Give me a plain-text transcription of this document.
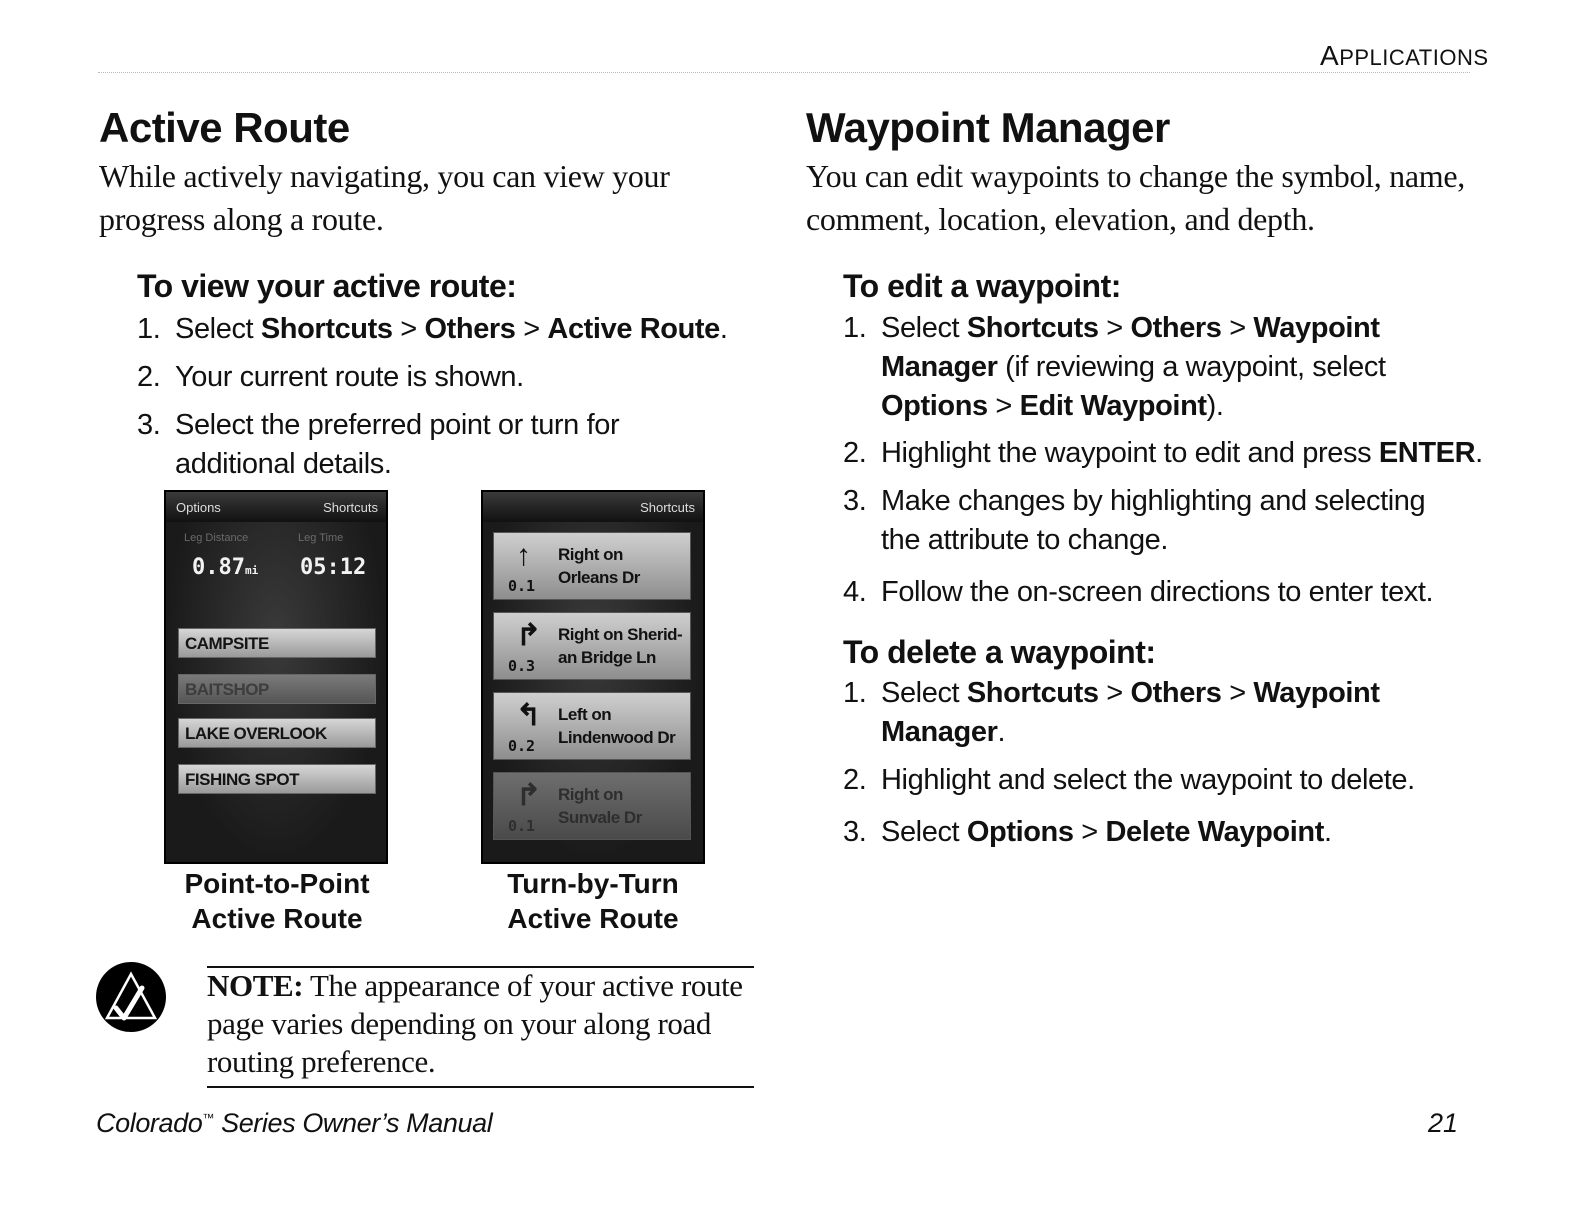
APPLICATIONS
Active Route
While actively navigating, you can view your progress along a route.
To view your active route:
1. Select Shortcuts > Others > Active Route.
2. Your current route is shown.
3. Select the preferred point or turn for additional details.
Options	Shortcuts
Leg Distance	Leg Time
0.87mi 05:12
CAMPSITE
BAITSHOP
LAKE OVERLOOK
FISHING SPOT
Shortcuts
↑ Right on
Orleans Dr
0.1
↱ Right on Sherid-
an Bridge Ln
0.3
↰ Left on
Lindenwood Dr
0.2
↱ Right on
Sunvale Dr
0.1
Point-to-Point
Active Route
Turn-by-Turn
Active Route
NOTE: The appearance of your active route page varies depending on your along road routing preference.
Waypoint Manager
You can edit waypoints to change the symbol, name, comment, location, elevation, and depth.
To edit a waypoint:
1. Select Shortcuts > Others > Waypoint Manager (if reviewing a waypoint, select Options > Edit Waypoint).
2. Highlight the waypoint to edit and press ENTER.
3. Make changes by highlighting and selecting the attribute to change.
4. Follow the on-screen directions to enter text.
To delete a waypoint:
1. Select Shortcuts > Others > Waypoint Manager.
2. Highlight and select the waypoint to delete.
3. Select Options > Delete Waypoint.
Colorado™ Series Owner’s Manual	21
